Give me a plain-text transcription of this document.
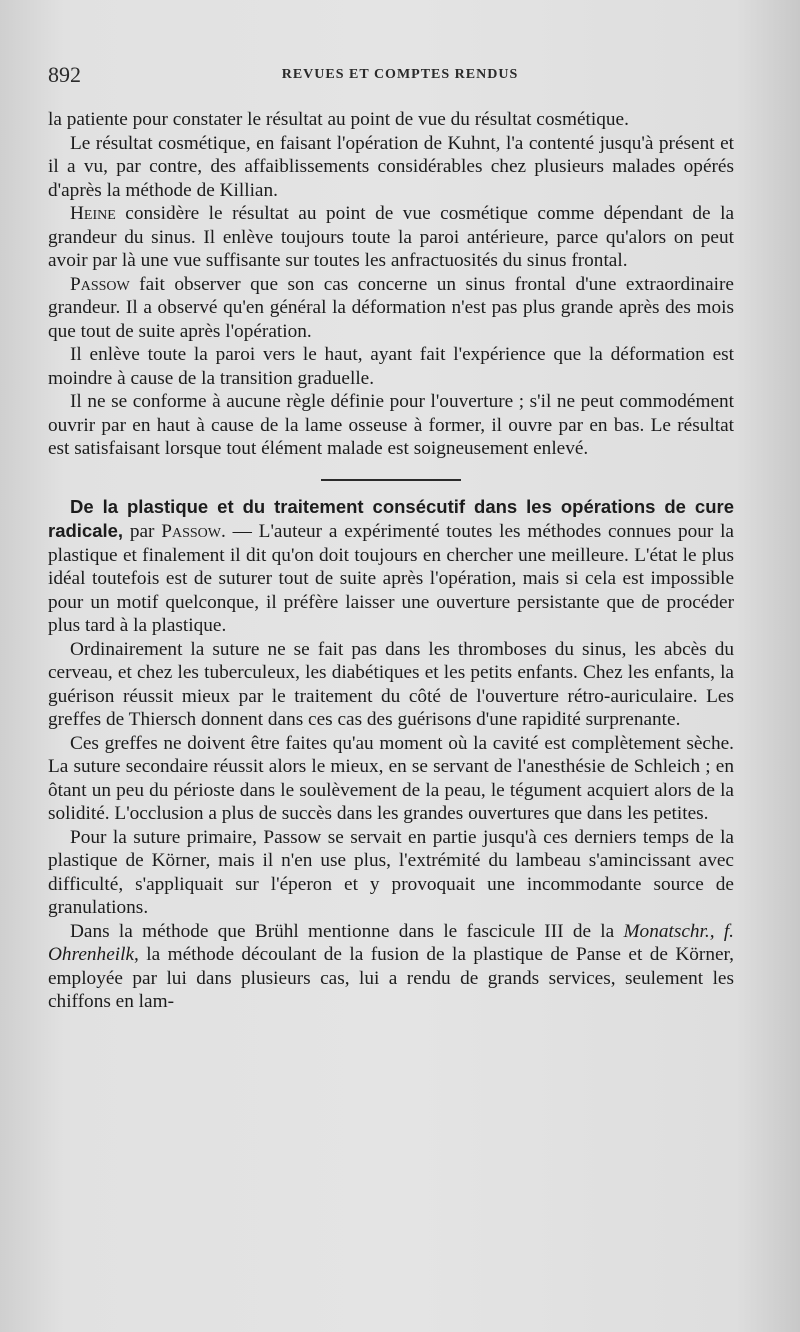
892	REVUES ET COMPTES RENDUS

la patiente pour constater le résultat au point de vue du résultat cosmétique.

Le résultat cosmétique, en faisant l'opération de Kuhnt, l'a contenté jusqu'à présent et il a vu, par contre, des affaiblissements considérables chez plusieurs malades opérés d'après la méthode de Killian.

Heine considère le résultat au point de vue cosmétique comme dépendant de la grandeur du sinus. Il enlève toujours toute la paroi antérieure, parce qu'alors on peut avoir par là une vue suffisante sur toutes les anfractuosités du sinus frontal.

Passow fait observer que son cas concerne un sinus frontal d'une extraordinaire grandeur. Il a observé qu'en général la déformation n'est pas plus grande après des mois que tout de suite après l'opération.

Il enlève toute la paroi vers le haut, ayant fait l'expérience que la déformation est moindre à cause de la transition graduelle.

Il ne se conforme à aucune règle définie pour l'ouverture ; s'il ne peut commodément ouvrir par en haut à cause de la lame osseuse à former, il ouvre par en bas. Le résultat est satisfaisant lorsque tout élément malade est soigneusement enlevé.

De la plastique et du traitement consécutif dans les opérations de cure radicale, par Passow. — L'auteur a expérimenté toutes les méthodes connues pour la plastique et finalement il dit qu'on doit toujours en chercher une meilleure. L'état le plus idéal toutefois est de suturer tout de suite après l'opération, mais si cela est impossible pour un motif quelconque, il préfère laisser une ouverture persistante que de procéder plus tard à la plastique.

Ordinairement la suture ne se fait pas dans les thromboses du sinus, les abcès du cerveau, et chez les tuberculeux, les diabétiques et les petits enfants. Chez les enfants, la guérison réussit mieux par le traitement du côté de l'ouverture rétro-auriculaire. Les greffes de Thiersch donnent dans ces cas des guérisons d'une rapidité surprenante.

Ces greffes ne doivent être faites qu'au moment où la cavité est complètement sèche. La suture secondaire réussit alors le mieux, en se servant de l'anesthésie de Schleich ; en ôtant un peu du périoste dans le soulèvement de la peau, le tégument acquiert alors de la solidité. L'occlusion a plus de succès dans les grandes ouvertures que dans les petites.

Pour la suture primaire, Passow se servait en partie jusqu'à ces derniers temps de la plastique de Körner, mais il n'en use plus, l'extrémité du lambeau s'amincissant avec difficulté, s'appliquait sur l'éperon et y provoquait une incommodante source de granulations.

Dans la méthode que Brühl mentionne dans le fascicule III de la Monatschr., f. Ohrenheilk, la méthode découlant de la fusion de la plastique de Panse et de Körner, employée par lui dans plusieurs cas, lui a rendu de grands services, seulement les chiffons en lam-
